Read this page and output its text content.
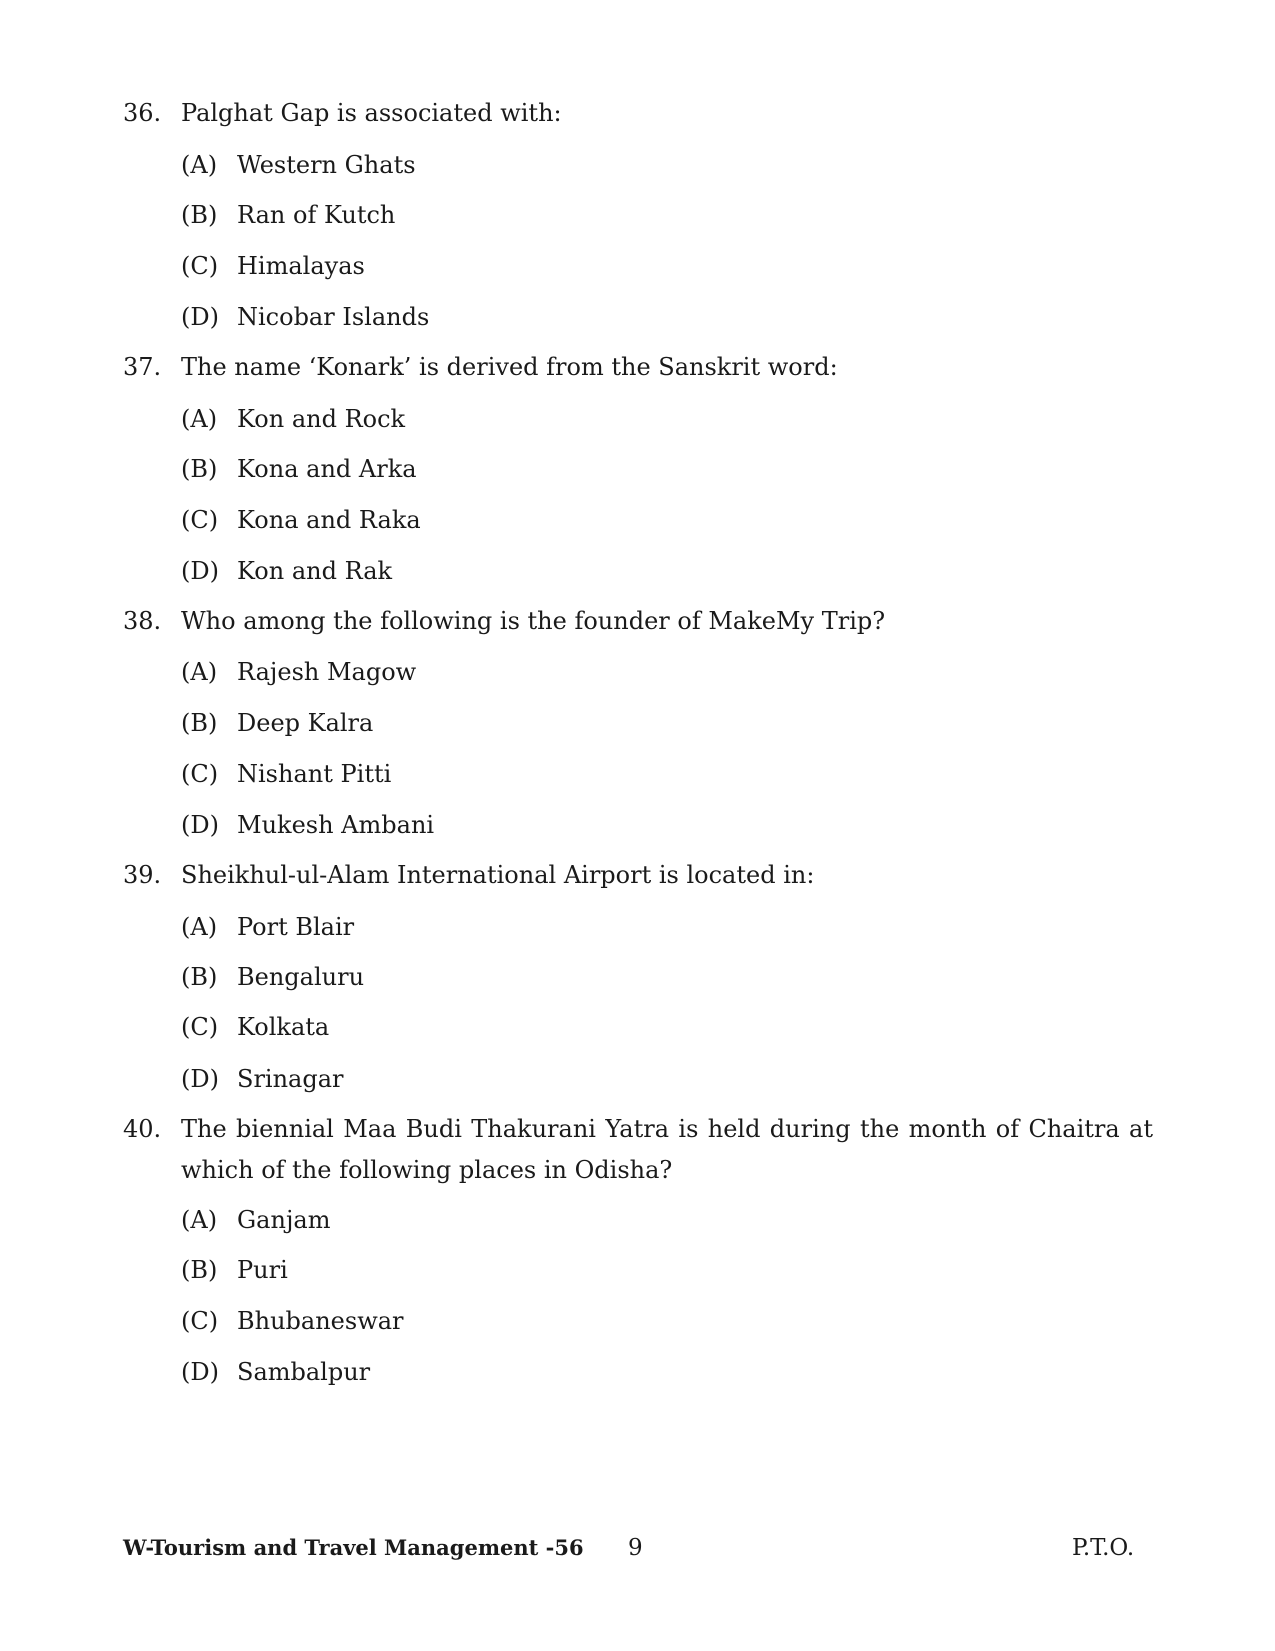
36. Palghat Gap is associated with:
(A) Western Ghats
(B) Ran of Kutch
(C) Himalayas
(D) Nicobar Islands
37. The name ‘Konark’ is derived from the Sanskrit word:
(A) Kon and Rock
(B) Kona and Arka
(C) Kona and Raka
(D) Kon and Rak
38. Who among the following is the founder of MakeMy Trip?
(A) Rajesh Magow
(B) Deep Kalra
(C) Nishant Pitti
(D) Mukesh Ambani
39. Sheikhul-ul-Alam International Airport is located in:
(A) Port Blair
(B) Bengaluru
(C) Kolkata
(D) Srinagar
40. The biennial Maa Budi Thakurani Yatra is held during the month of Chaitra at which of the following places in Odisha?
(A) Ganjam
(B) Puri
(C) Bhubaneswar
(D) Sambalpur
W-Tourism and Travel Management -56 9	P.T.O.
